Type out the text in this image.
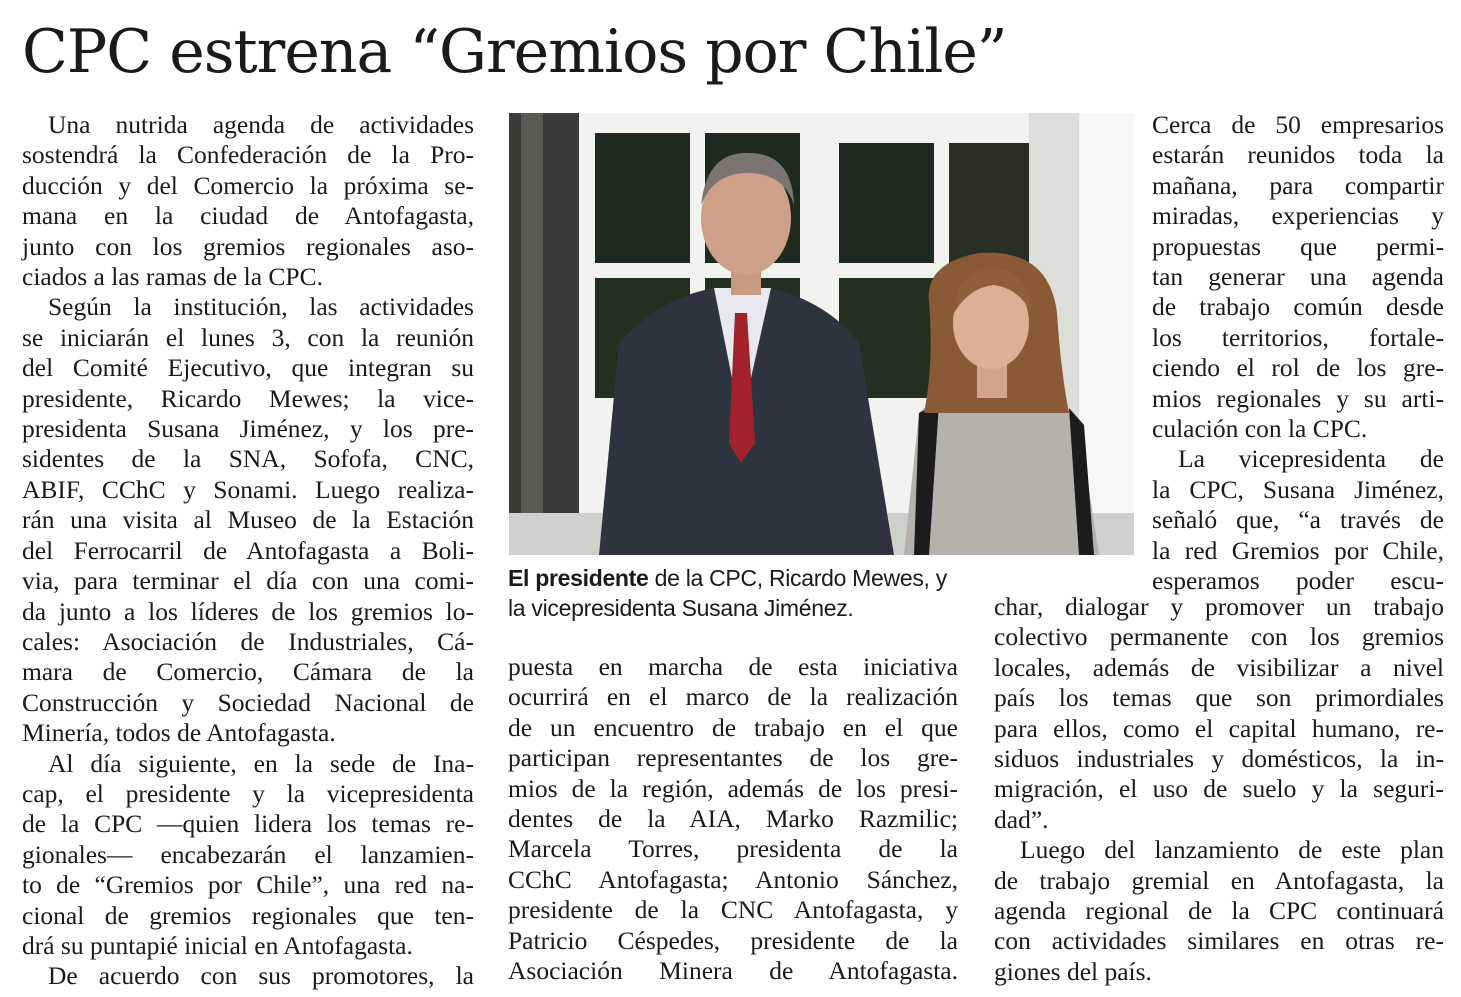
CPC estrena “Gremios por Chile”

Una nutrida agenda de actividades

sostendrá la Confederación de la Pro-

ducción y del Comercio la próxima se-

mana en la ciudad de Antofagasta,

junto con los gremios regionales aso-

ciados a las ramas de la CPC.

Según la institución, las actividades

se iniciarán el lunes 3, con la reunión

del Comité Ejecutivo, que integran su

presidente, Ricardo Mewes; la vice-

presidenta Susana Jiménez, y los pre-

sidentes de la SNA, Sofofa, CNC,

ABIF, CChC y Sonami. Luego realiza-

rán una visita al Museo de la Estación

del Ferrocarril de Antofagasta a Boli-

via, para terminar el día con una comi-

da junto a los líderes de los gremios lo-

cales: Asociación de Industriales, Cá-

mara de Comercio, Cámara de la

Construcción y Sociedad Nacional de

Minería, todos de Antofagasta.

Al día siguiente, en la sede de Ina-

cap, el presidente y la vicepresidenta

de la CPC —quien lidera los temas re-

gionales— encabezarán el lanzamien-

to de “Gremios por Chile”, una red na-

cional de gremios regionales que ten-

drá su puntapié inicial en Antofagasta.

De acuerdo con sus promotores, la

El presidente de la CPC, Ricardo Mewes, y
la vicepresidenta Susana Jiménez.

Cerca de 50 empresarios

estarán reunidos toda la

mañana, para compartir

miradas, experiencias y

propuestas que permi-

tan generar una agenda

de trabajo común desde

los territorios, fortale-

ciendo el rol de los gre-

mios regionales y su arti-

culación con la CPC.

La vicepresidenta de

la CPC, Susana Jiménez,

señaló que, “a través de

la red Gremios por Chile,

esperamos poder escu-

puesta en marcha de esta iniciativa

ocurrirá en el marco de la realización

de un encuentro de trabajo en el que

participan representantes de los gre-

mios de la región, además de los presi-

dentes de la AIA, Marko Razmilic;

Marcela Torres, presidenta de la

CChC Antofagasta; Antonio Sánchez,

presidente de la CNC Antofagasta, y

Patricio Céspedes, presidente de la

Asociación Minera de Antofagasta.

char, dialogar y promover un trabajo

colectivo permanente con los gremios

locales, además de visibilizar a nivel

país los temas que son primordiales

para ellos, como el capital humano, re-

siduos industriales y domésticos, la in-

migración, el uso de suelo y la seguri-

dad”.

Luego del lanzamiento de este plan

de trabajo gremial en Antofagasta, la

agenda regional de la CPC continuará

con actividades similares en otras re-

giones del país.
